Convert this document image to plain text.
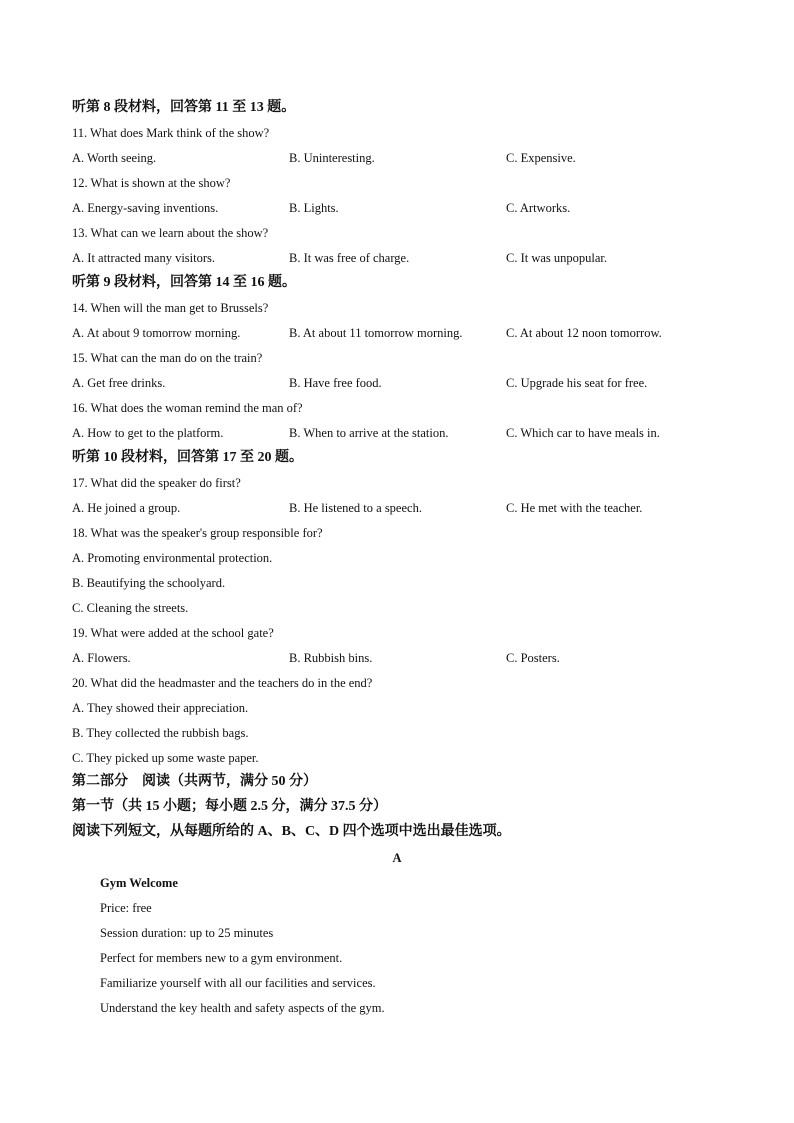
听第 8 段材料，回答第 11 至 13 题。
11. What does Mark think of the show?
A. Worth seeing.	B. Uninteresting.	C. Expensive.
12. What is shown at the show?
A. Energy-saving inventions.	B. Lights.	C. Artworks.
13. What can we learn about the show?
A. It attracted many visitors.	B. It was free of charge.	C. It was unpopular.
听第 9 段材料，回答第 14 至 16 题。
14. When will the man get to Brussels?
A. At about 9 tomorrow morning.	B. At about 11 tomorrow morning.	C. At about 12 noon tomorrow.
15. What can the man do on the train?
A. Get free drinks.	B. Have free food.	C. Upgrade his seat for free.
16. What does the woman remind the man of?
A. How to get to the platform.	B. When to arrive at the station.	C. Which car to have meals in.
听第 10 段材料，回答第 17 至 20 题。
17. What did the speaker do first?
A. He joined a group.	B. He listened to a speech.	C. He met with the teacher.
18. What was the speaker's group responsible for?
A. Promoting environmental protection.
B. Beautifying the schoolyard.
C. Cleaning the streets.
19. What were added at the school gate?
A. Flowers.	B. Rubbish bins.	C. Posters.
20. What did the headmaster and the teachers do in the end?
A. They showed their appreciation.
B. They collected the rubbish bags.
C. They picked up some waste paper.
第二部分　阅读（共两节，满分 50 分）
第一节（共 15 小题；每小题 2.5 分，满分 37.5 分）
阅读下列短文，从每题所给的 A、B、C、D 四个选项中选出最佳选项。
A
Gym Welcome
Price: free
Session duration: up to 25 minutes
Perfect for members new to a gym environment.
Familiarize yourself with all our facilities and services.
Understand the key health and safety aspects of the gym.
